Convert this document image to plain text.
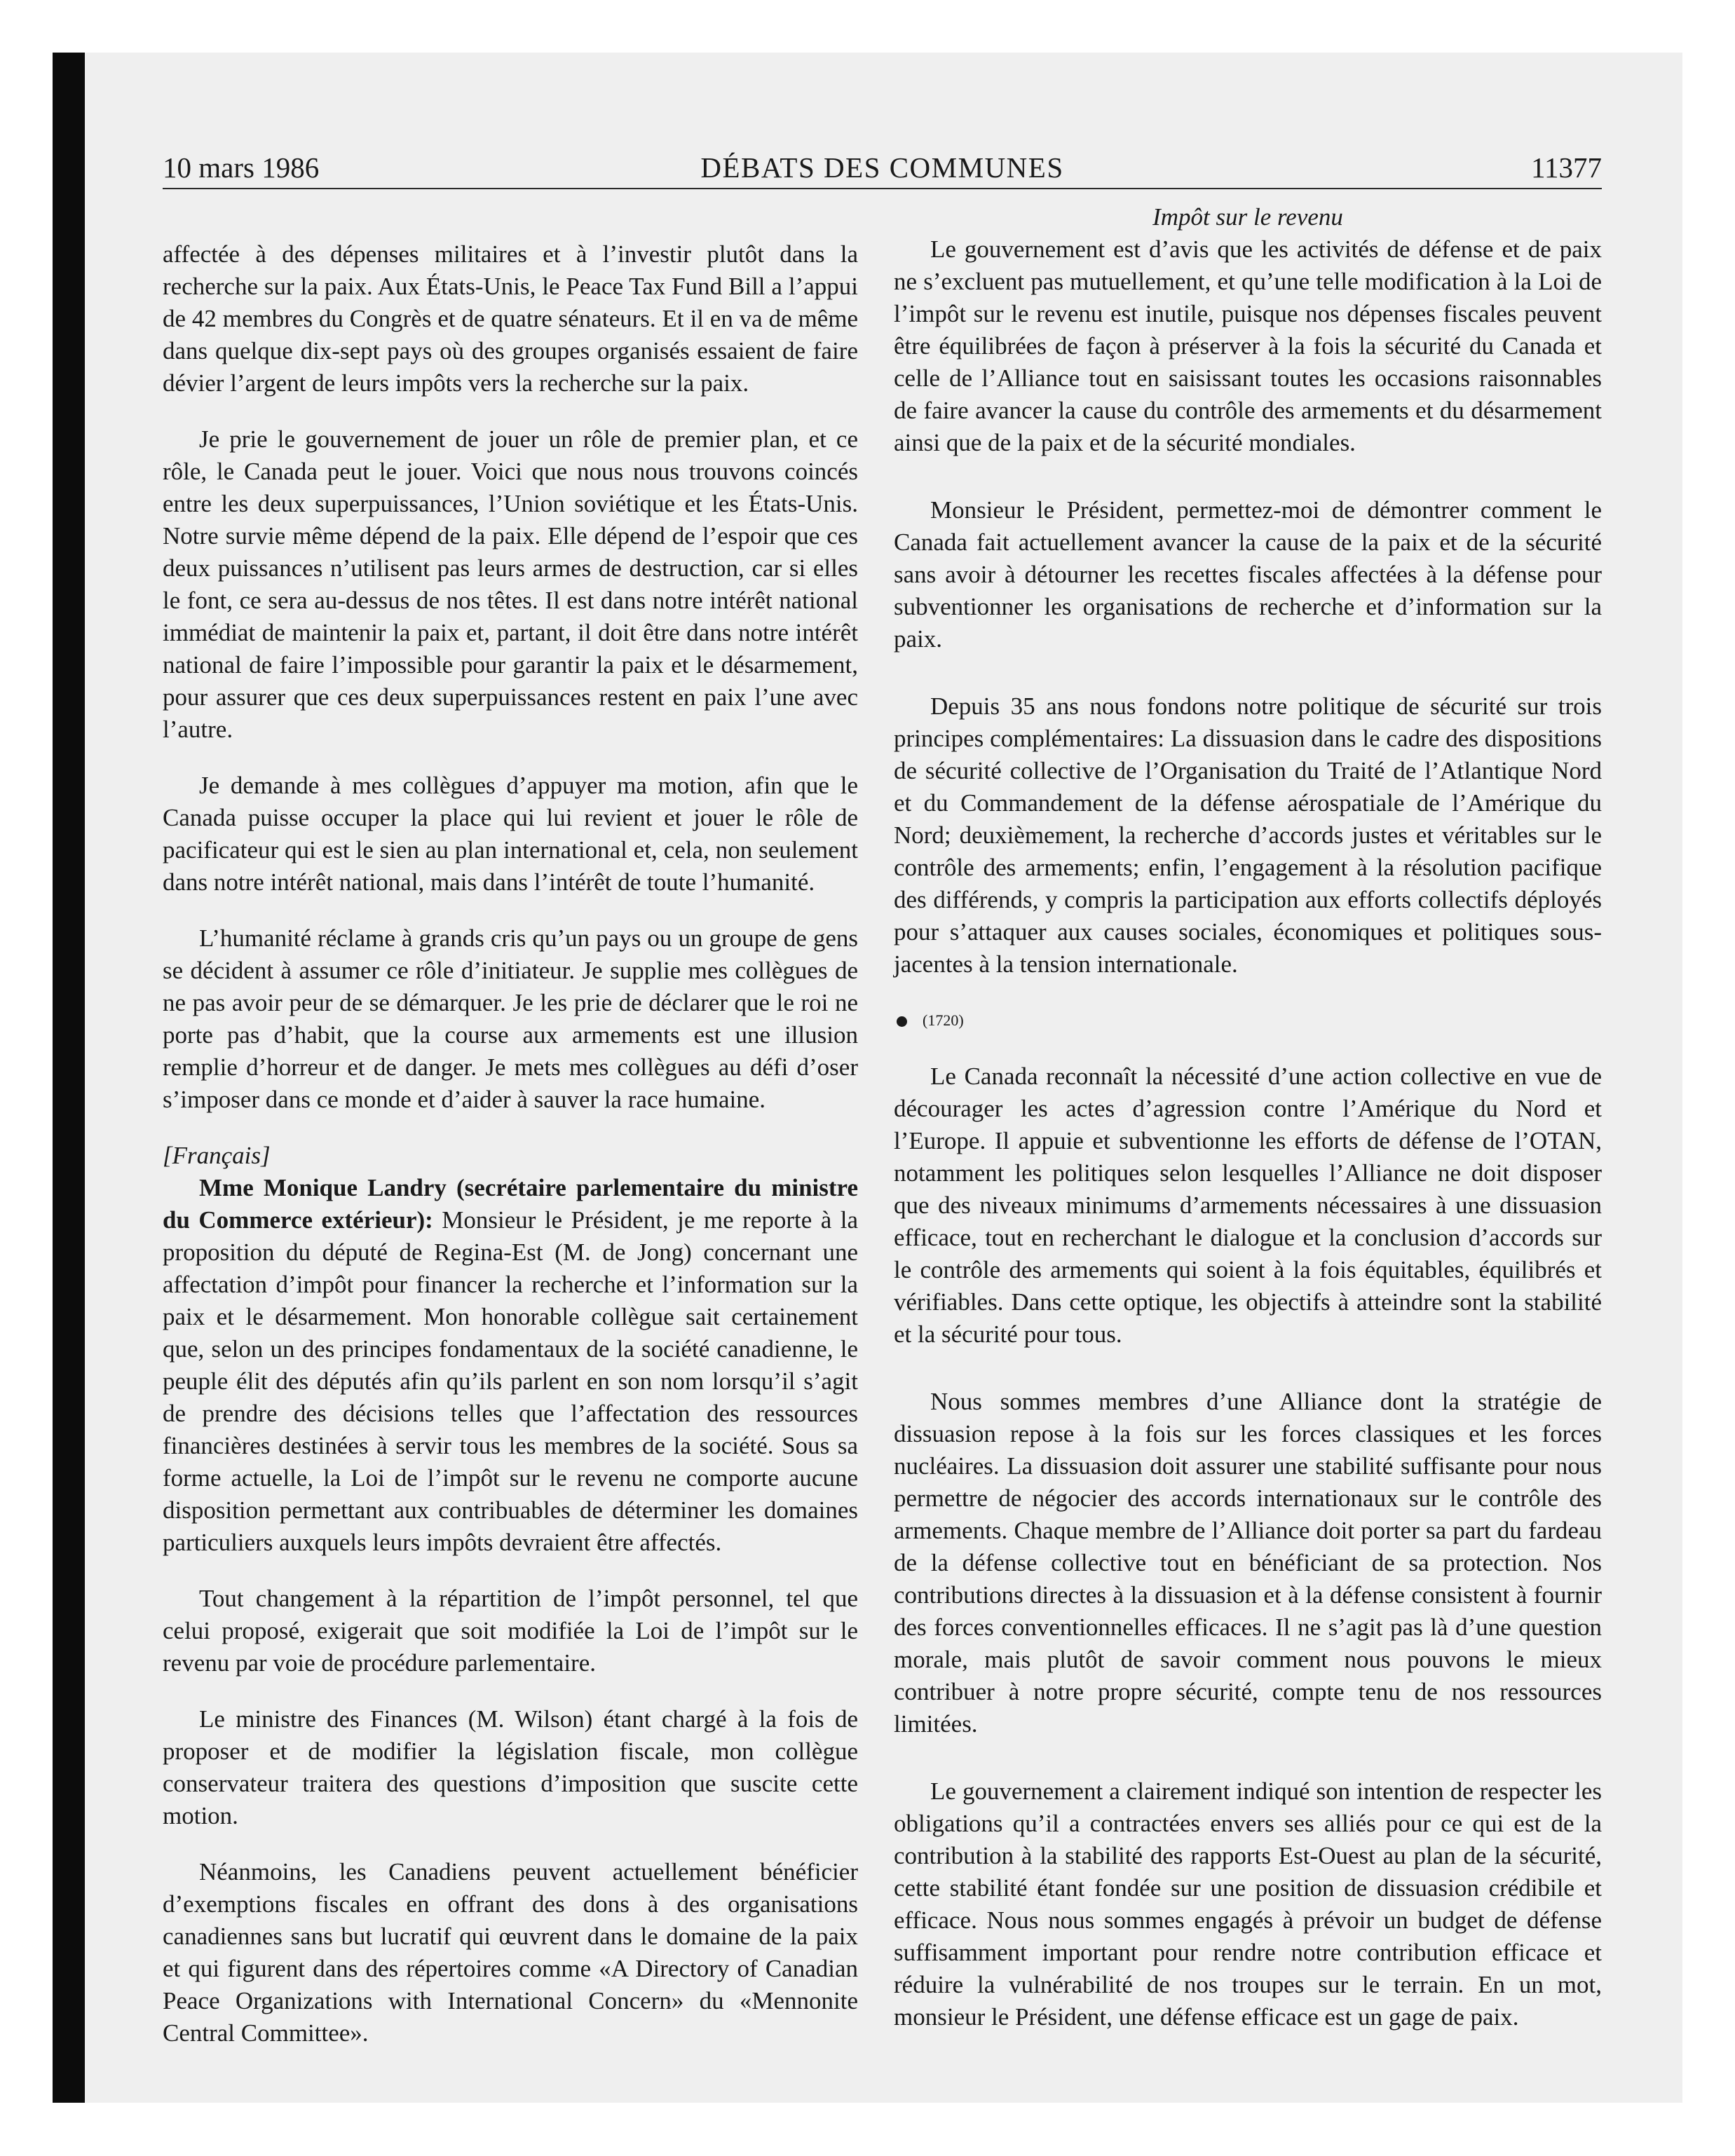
10 mars 1986	DÉBATS DES COMMUNES	11377

affectée à des dépenses militaires et à l’investir plutôt dans la recherche sur la paix. Aux États-Unis, le Peace Tax Fund Bill a l’appui de 42 membres du Congrès et de quatre sénateurs. Et il en va de même dans quelque dix-sept pays où des groupes organisés essaient de faire dévier l’argent de leurs impôts vers la recherche sur la paix.

Je prie le gouvernement de jouer un rôle de premier plan, et ce rôle, le Canada peut le jouer. Voici que nous nous trouvons coincés entre les deux superpuissances, l’Union soviétique et les États-Unis. Notre survie même dépend de la paix. Elle dépend de l’espoir que ces deux puissances n’utilisent pas leurs armes de destruction, car si elles le font, ce sera au-dessus de nos têtes. Il est dans notre intérêt national immédiat de maintenir la paix et, partant, il doit être dans notre intérêt national de faire l’impossible pour garantir la paix et le désarmement, pour assurer que ces deux superpuissances restent en paix l’une avec l’autre.

Je demande à mes collègues d’appuyer ma motion, afin que le Canada puisse occuper la place qui lui revient et jouer le rôle de pacificateur qui est le sien au plan international et, cela, non seulement dans notre intérêt national, mais dans l’intérêt de toute l’humanité.

L’humanité réclame à grands cris qu’un pays ou un groupe de gens se décident à assumer ce rôle d’initiateur. Je supplie mes collègues de ne pas avoir peur de se démarquer. Je les prie de déclarer que le roi ne porte pas d’habit, que la course aux armements est une illusion remplie d’horreur et de danger. Je mets mes collègues au défi d’oser s’imposer dans ce monde et d’aider à sauver la race humaine.

[Français]

Mme Monique Landry (secrétaire parlementaire du ministre du Commerce extérieur): Monsieur le Président, je me reporte à la proposition du député de Regina-Est (M. de Jong) concernant une affectation d’impôt pour financer la recherche et l’information sur la paix et le désarmement. Mon honorable collègue sait certainement que, selon un des principes fondamentaux de la société canadienne, le peuple élit des députés afin qu’ils parlent en son nom lorsqu’il s’agit de prendre des décisions telles que l’affectation des ressources financières destinées à servir tous les membres de la société. Sous sa forme actuelle, la Loi de l’impôt sur le revenu ne comporte aucune disposition permettant aux contribuables de déterminer les domaines particuliers auxquels leurs impôts devraient être affectés.

Tout changement à la répartition de l’impôt personnel, tel que celui proposé, exigerait que soit modifiée la Loi de l’impôt sur le revenu par voie de procédure parlementaire.

Le ministre des Finances (M. Wilson) étant chargé à la fois de proposer et de modifier la législation fiscale, mon collègue conservateur traitera des questions d’imposition que suscite cette motion.

Néanmoins, les Canadiens peuvent actuellement bénéficier d’exemptions fiscales en offrant des dons à des organisations canadiennes sans but lucratif qui œuvrent dans le domaine de la paix et qui figurent dans des répertoires comme «A Directory of Canadian Peace Organizations with International Concern» du «Mennonite Central Committee».

Impôt sur le revenu

Le gouvernement est d’avis que les activités de défense et de paix ne s’excluent pas mutuellement, et qu’une telle modification à la Loi de l’impôt sur le revenu est inutile, puisque nos dépenses fiscales peuvent être équilibrées de façon à préserver à la fois la sécurité du Canada et celle de l’Alliance tout en saisissant toutes les occasions raisonnables de faire avancer la cause du contrôle des armements et du désarmement ainsi que de la paix et de la sécurité mondiales.

Monsieur le Président, permettez-moi de démontrer comment le Canada fait actuellement avancer la cause de la paix et de la sécurité sans avoir à détourner les recettes fiscales affectées à la défense pour subventionner les organisations de recherche et d’information sur la paix.

Depuis 35 ans nous fondons notre politique de sécurité sur trois principes complémentaires: La dissuasion dans le cadre des dispositions de sécurité collective de l’Organisation du Traité de l’Atlantique Nord et du Commandement de la défense aérospatiale de l’Amérique du Nord; deuxièmement, la recherche d’accords justes et véritables sur le contrôle des armements; enfin, l’engagement à la résolution pacifique des différends, y compris la participation aux efforts collectifs déployés pour s’attaquer aux causes sociales, économiques et politiques sous-jacentes à la tension internationale.

(1720)

Le Canada reconnaît la nécessité d’une action collective en vue de décourager les actes d’agression contre l’Amérique du Nord et l’Europe. Il appuie et subventionne les efforts de défense de l’OTAN, notamment les politiques selon lesquelles l’Alliance ne doit disposer que des niveaux minimums d’armements nécessaires à une dissuasion efficace, tout en recherchant le dialogue et la conclusion d’accords sur le contrôle des armements qui soient à la fois équitables, équilibrés et vérifiables. Dans cette optique, les objectifs à atteindre sont la stabilité et la sécurité pour tous.

Nous sommes membres d’une Alliance dont la stratégie de dissuasion repose à la fois sur les forces classiques et les forces nucléaires. La dissuasion doit assurer une stabilité suffisante pour nous permettre de négocier des accords internationaux sur le contrôle des armements. Chaque membre de l’Alliance doit porter sa part du fardeau de la défense collective tout en bénéficiant de sa protection. Nos contributions directes à la dissuasion et à la défense consistent à fournir des forces conventionnelles efficaces. Il ne s’agit pas là d’une question morale, mais plutôt de savoir comment nous pouvons le mieux contribuer à notre propre sécurité, compte tenu de nos ressources limitées.

Le gouvernement a clairement indiqué son intention de respecter les obligations qu’il a contractées envers ses alliés pour ce qui est de la contribution à la stabilité des rapports Est-Ouest au plan de la sécurité, cette stabilité étant fondée sur une position de dissuasion crédibile et efficace. Nous nous sommes engagés à prévoir un budget de défense suffisamment important pour rendre notre contribution efficace et réduire la vulnérabilité de nos troupes sur le terrain. En un mot, monsieur le Président, une défense efficace est un gage de paix.
